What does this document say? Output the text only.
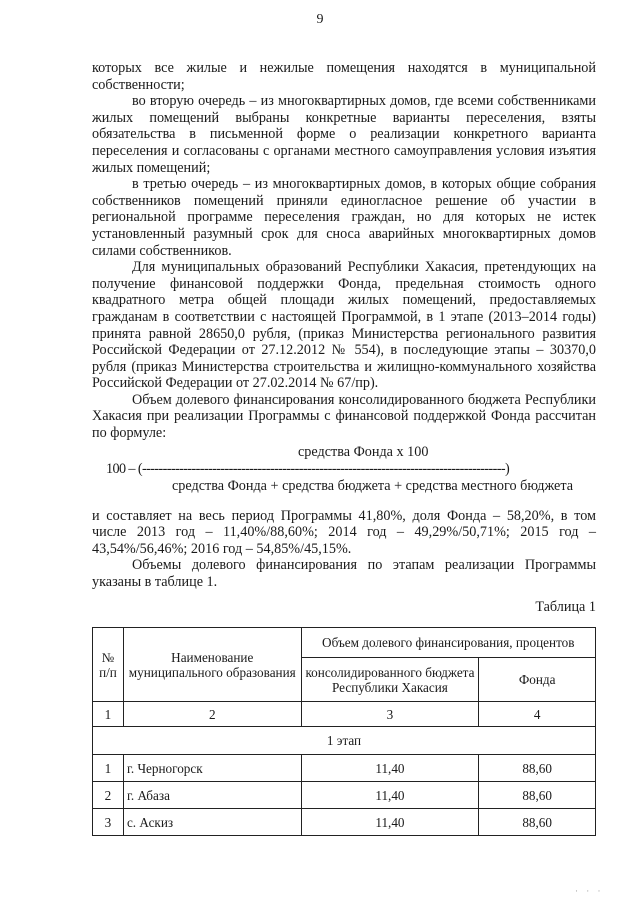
9

которых все жилые и нежилые помещения находятся в муниципальной собственности;

во вторую очередь – из многоквартирных домов, где всеми собственниками жилых помещений выбраны конкретные варианты переселения, взяты обязательства в письменной форме о реализации конкретного варианта переселения и согласованы с органами местного самоуправления условия изъятия жилых помещений;

в третью очередь – из многоквартирных домов, в которых общие собрания собственников помещений приняли единогласное решение об участии в региональной программе переселения граждан, но для которых не истек установленный разумный срок для сноса аварийных многоквартирных домов силами собственников.

Для муниципальных образований Республики Хакасия, претендующих на получение финансовой поддержки Фонда, предельная стоимость одного квадратного метра общей площади жилых помещений, предоставляемых гражданам в соответствии с настоящей Программой, в 1 этапе (2013–2014 годы) принята равной 28650,0 рубля, (приказ Министерства регионального развития Российской Федерации от 27.12.2012 № 554), в последующие этапы – 30370,0 рубля (приказ Министерства строительства и жилищно-коммунального хозяйства Российской Федерации от 27.02.2014 № 67/пр).

Объем долевого финансирования консолидированного бюджета Республики Хакасия при реализации Программы с финансовой поддержкой Фонда рассчитан по формуле:

средства Фонда х 100
100 – (----------------------------------------------------------------------------------------)
средства Фонда + средства бюджета + средства местного бюджета

и составляет на весь период Программы 41,80%, доля Фонда – 58,20%, в том числе 2013 год – 11,40%/88,60%; 2014 год – 49,29%/50,71%; 2015 год – 43,54%/56,46%; 2016 год – 54,85%/45,15%.

Объемы долевого финансирования по этапам реализации Программы указаны в таблице 1.

Таблица 1
№ п/п	Наименование муниципального образования	Объем долевого финансирования, процентов	
		консолидированного бюджета Республики Хакасия	Фонда
1	2	3	4
1 этап			
1	г. Черногорск	11,40	88,60
2	г. Абаза	11,40	88,60
3	с. Аскиз	11,40	88,60
· · ·
